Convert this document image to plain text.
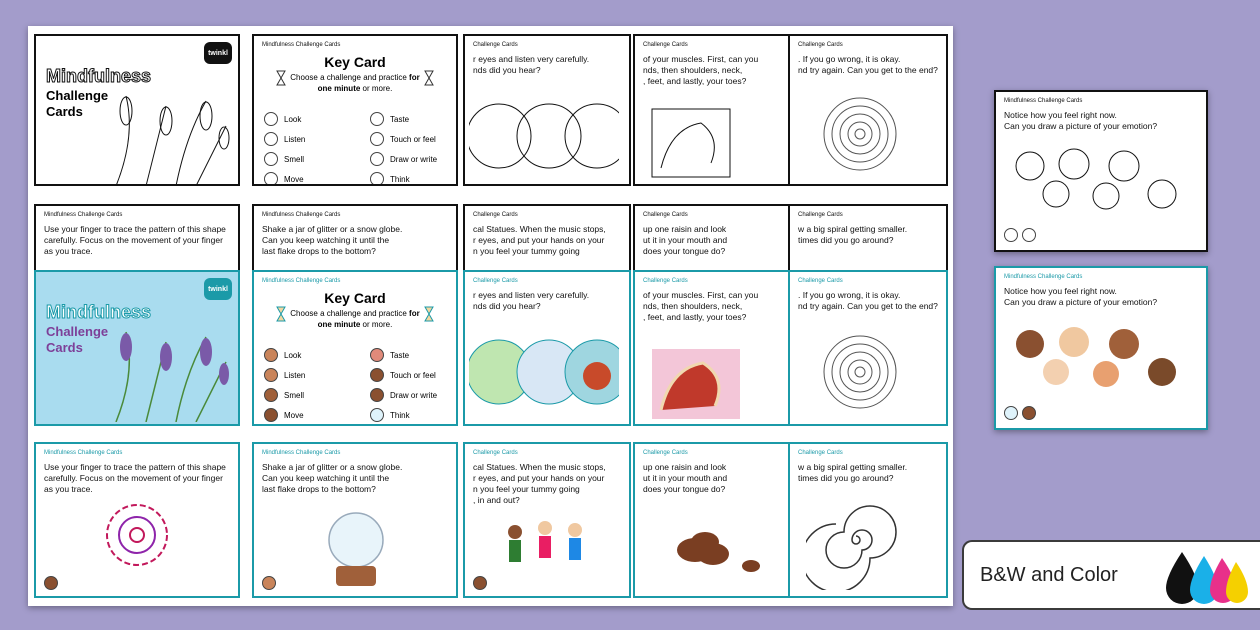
Mindfulness
Challenge
Cards
twinkl
Mindfulness Challenge Cards
Key Card
Choose a challenge and practice for one minute or more.
Look
Listen
Smell
Move
Taste
Touch or feel
Draw or write
Think
Challenge Cards
r eyes and listen very carefully.
nds did you hear?
Challenge Cards
of your muscles. First, can you
nds, then shoulders, neck,
, feet, and lastly, your toes?
Challenge Cards
. If you go wrong, it is okay.
nd try again. Can you get to the end?
Mindfulness Challenge Cards
Use your finger to trace the pattern of this shape
carefully. Focus on the movement of your finger
as you trace.
Mindfulness Challenge Cards
Shake a jar of glitter or a snow globe.
Can you keep watching it until the
last flake drops to the bottom?
Challenge Cards
cal Statues. When the music stops,
r eyes, and put your hands on your
n you feel your tummy going
Challenge Cards
up one raisin and look
ut it in your mouth and
does your tongue do?
Challenge Cards
w a big spiral getting smaller.
times did you go around?
Mindfulness
Challenge
Cards
twinkl
Mindfulness Challenge Cards
Key Card
Choose a challenge and practice for one minute or more.
Look
Listen
Smell
Move
Taste
Touch or feel
Draw or write
Think
Challenge Cards
r eyes and listen very carefully.
nds did you hear?
Challenge Cards
of your muscles. First, can you
nds, then shoulders, neck,
, feet, and lastly, your toes?
Challenge Cards
. If you go wrong, it is okay.
nd try again. Can you get to the end?
Mindfulness Challenge Cards
Use your finger to trace the pattern of this shape
carefully. Focus on the movement of your finger
as you trace.
Mindfulness Challenge Cards
Shake a jar of glitter or a snow globe.
Can you keep watching it until the
last flake drops to the bottom?
Challenge Cards
cal Statues. When the music stops,
r eyes, and put your hands on your
n you feel your tummy going
, in and out?
Challenge Cards
up one raisin and look
ut it in your mouth and
does your tongue do?
Challenge Cards
w a big spiral getting smaller.
times did you go around?
Mindfulness Challenge Cards
Notice how you feel right now.
Can you draw a picture of your emotion?
Mindfulness Challenge Cards
Notice how you feel right now.
Can you draw a picture of your emotion?
B&W and Color
